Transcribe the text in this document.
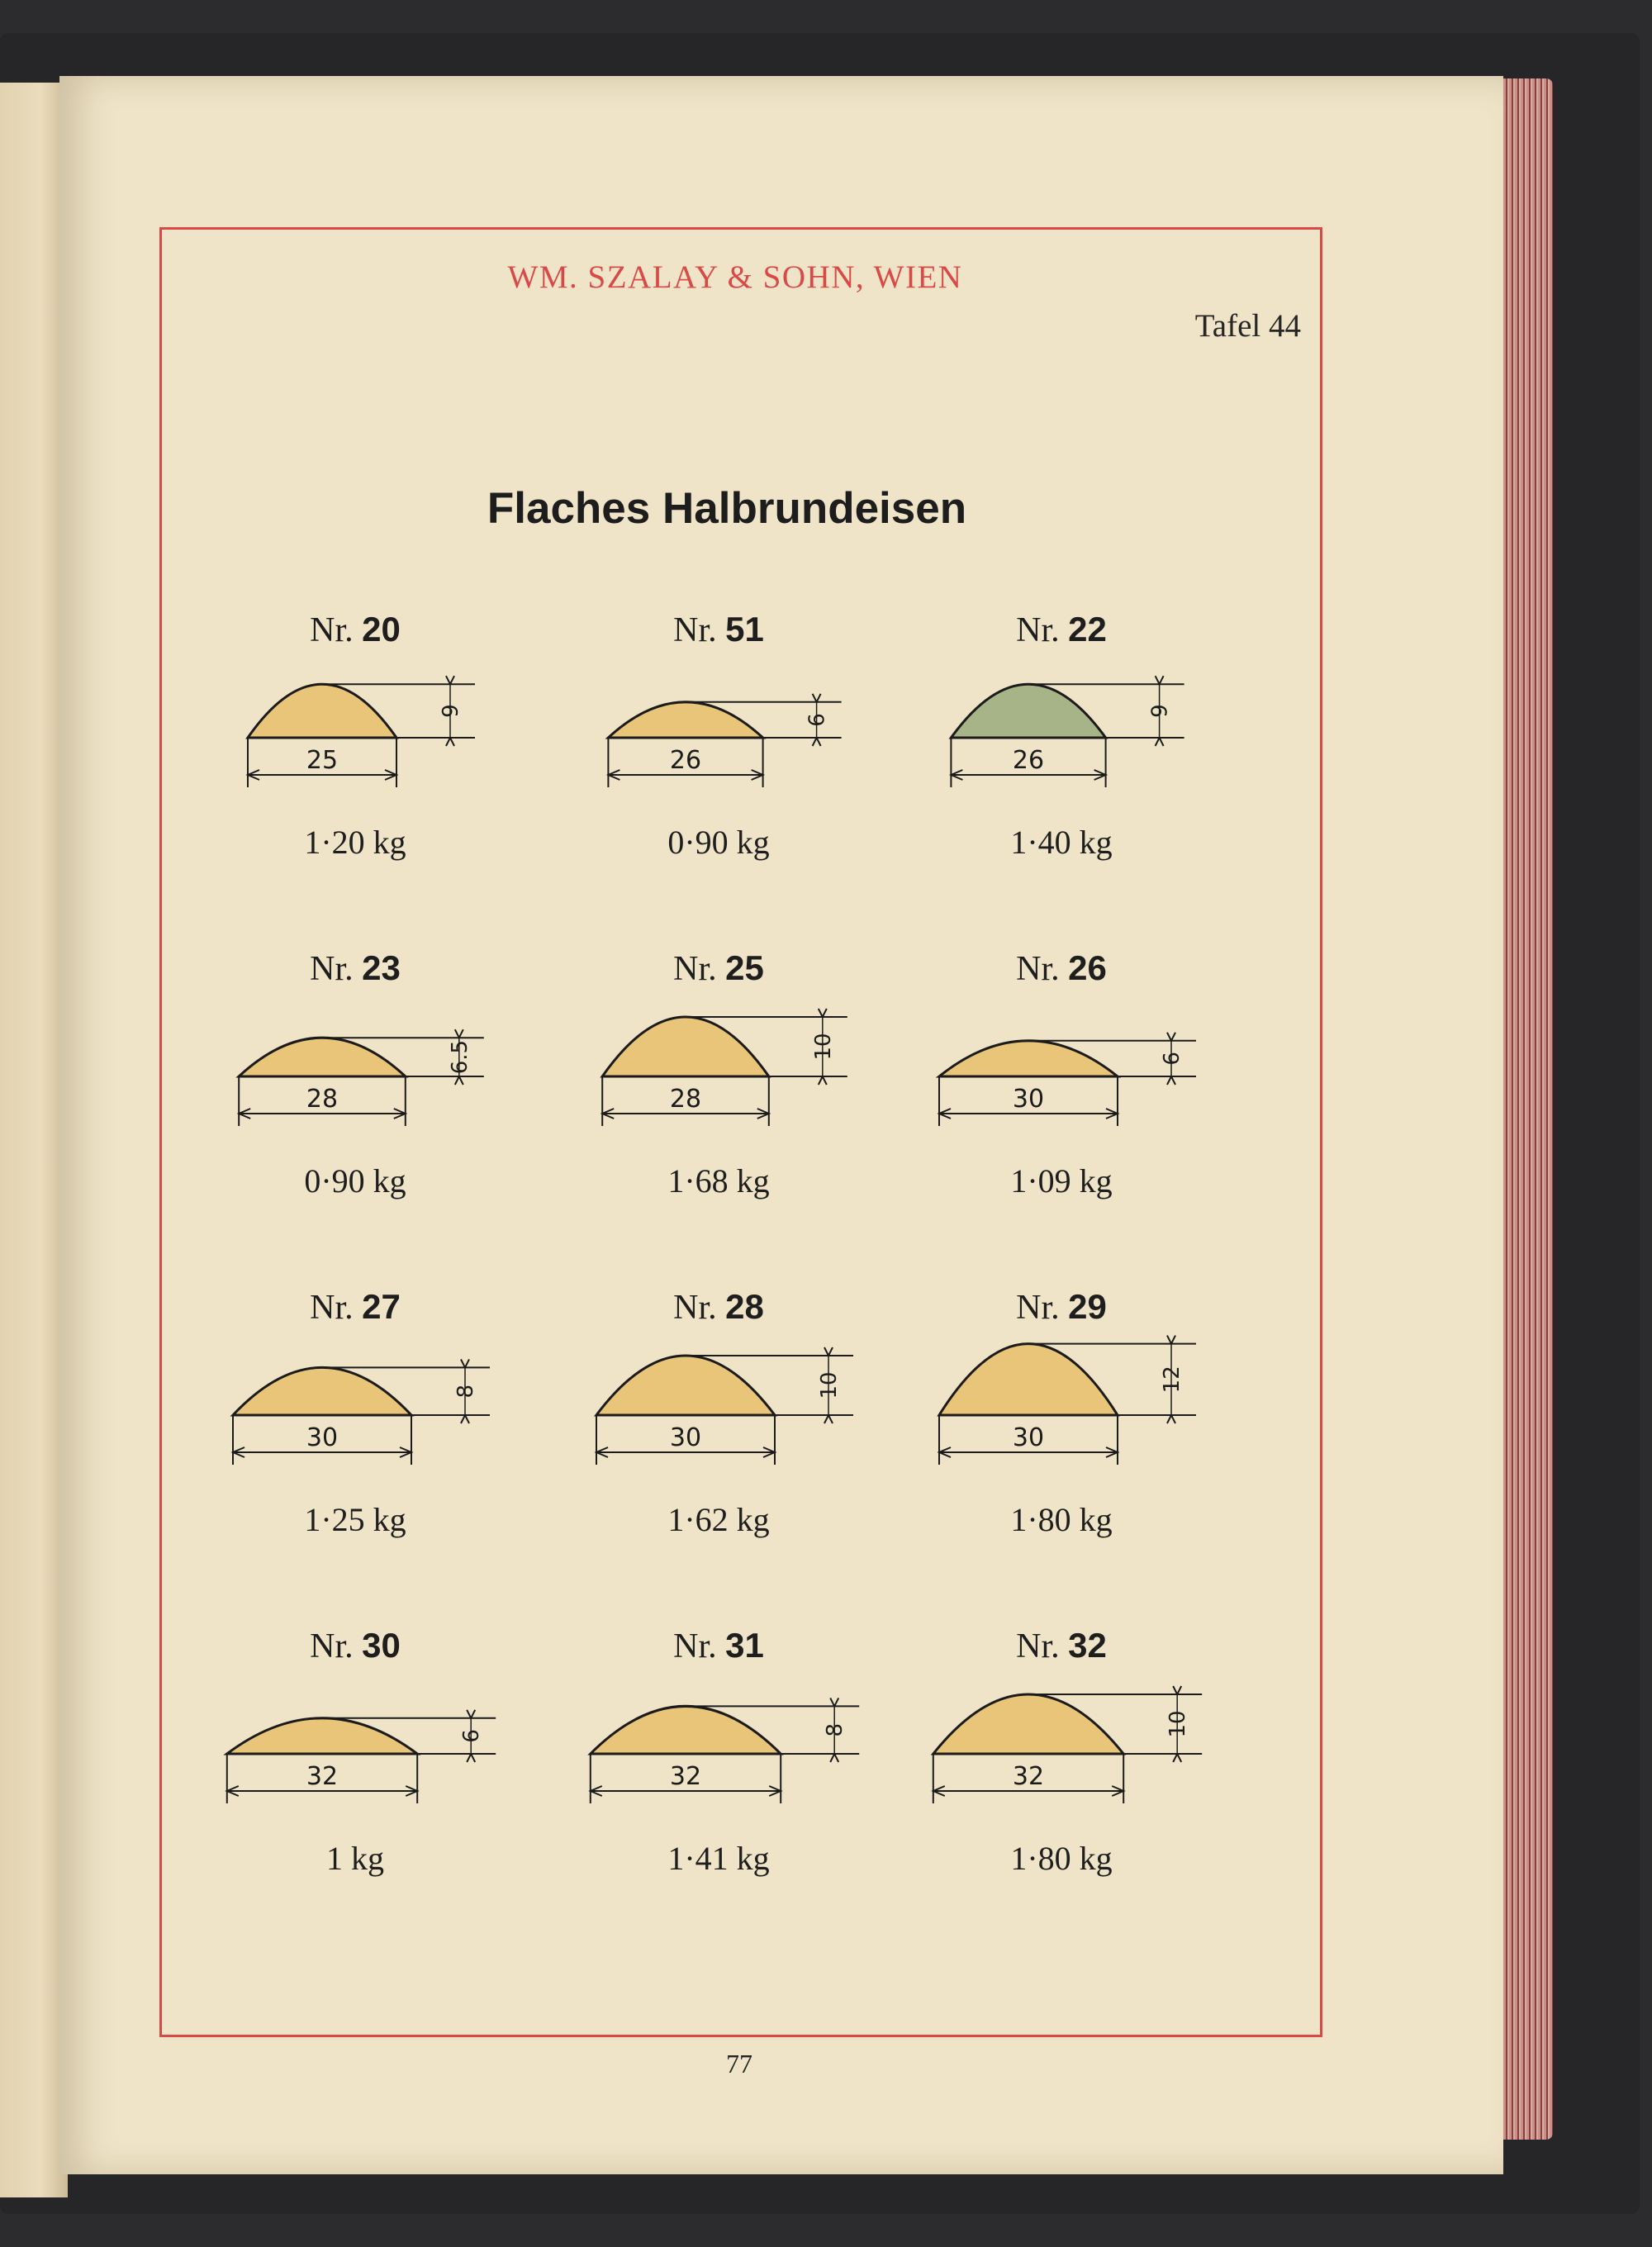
WM. SZALAY & SOHN, WIEN
Tafel 44
Flaches Halbrundeisen
Nr. 20
25
9
1·20 kg
Nr. 51
26
6
0·90 kg
Nr. 22
26
9
1·40 kg
Nr. 23
28
6.5
0·90 kg
Nr. 25
28
10
1·68 kg
Nr. 26
30
6
1·09 kg
Nr. 27
30
8
1·25 kg
Nr. 28
30
10
1·62 kg
Nr. 29
30
12
1·80 kg
Nr. 30
32
6
1 kg
Nr. 31
32
8
1·41 kg
Nr. 32
32
10
1·80 kg
77
